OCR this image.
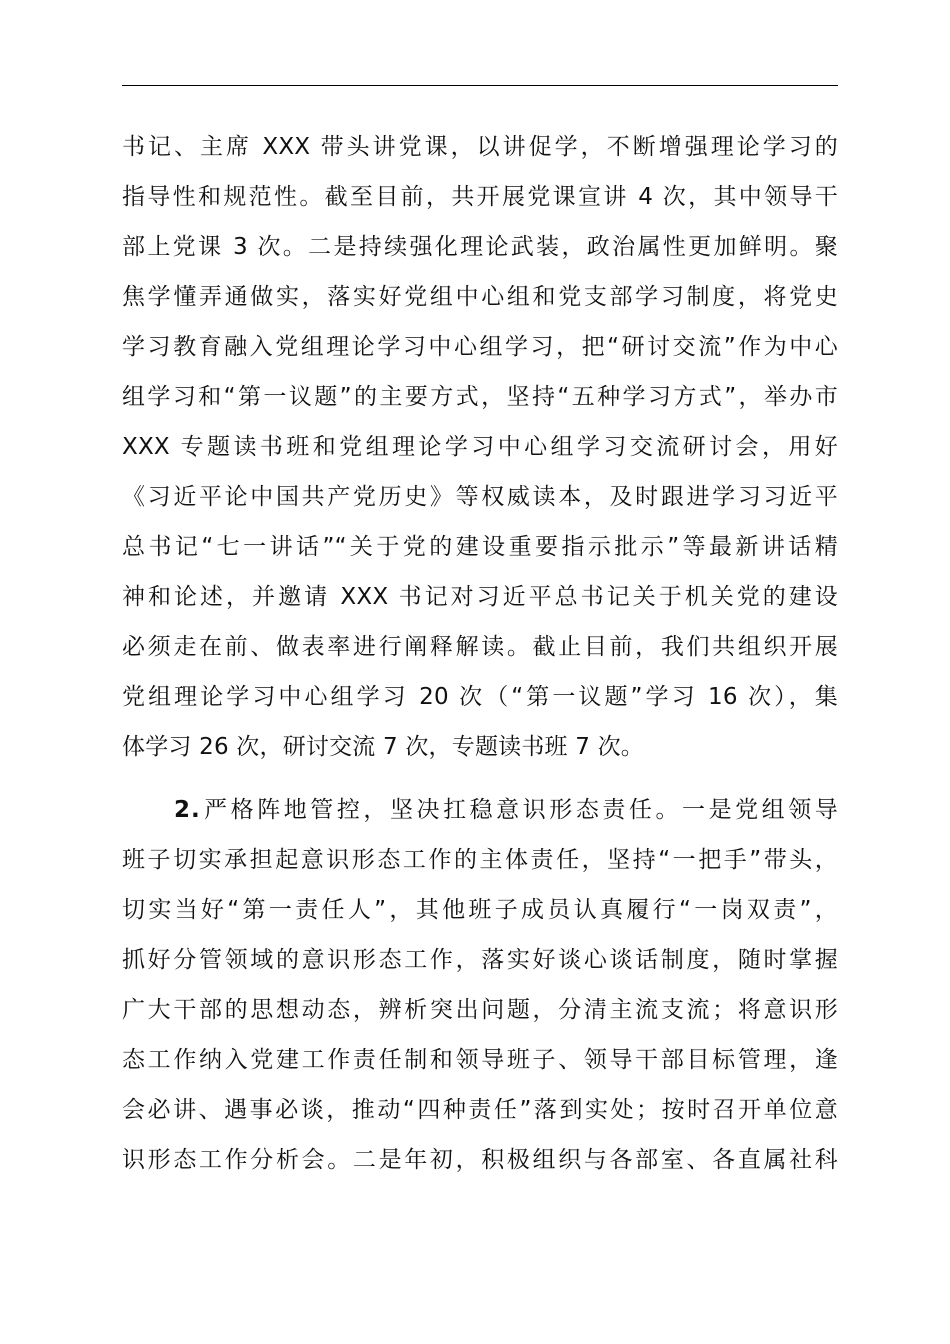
书记、主席 XXX 带头讲党课，以讲促学，不断增强理论学习的
指导性和规范性。截至目前，共开展党课宣讲 4 次，其中领导干
部上党课 3 次。二是持续强化理论武装，政治属性更加鲜明。聚
焦学懂弄通做实，落实好党组中心组和党支部学习制度，将党史
学习教育融入党组理论学习中心组学习，把“研讨交流”作为中心
组学习和“第一议题”的主要方式，坚持“五种学习方式”，举办市
XXX 专题读书班和党组理论学习中心组学习交流研讨会，用好
《习近平论中国共产党历史》等权威读本，及时跟进学习习近平
总书记“七一讲话”“关于党的建设重要指示批示”等最新讲话精
神和论述，并邀请 XXX 书记对习近平总书记关于机关党的建设
必须走在前、做表率进行阐释解读。截止目前，我们共组织开展
党组理论学习中心组学习 20 次（“第一议题”学习 16 次），集
体学习 26 次，研讨交流 7 次，专题读书班 7 次。
2.严格阵地管控，坚决扛稳意识形态责任。一是党组领导
班子切实承担起意识形态工作的主体责任，坚持“一把手”带头，
切实当好“第一责任人”，其他班子成员认真履行“一岗双责”，
抓好分管领域的意识形态工作，落实好谈心谈话制度，随时掌握
广大干部的思想动态，辨析突出问题，分清主流支流；将意识形
态工作纳入党建工作责任制和领导班子、领导干部目标管理，逢
会必讲、遇事必谈，推动“四种责任”落到实处；按时召开单位意
识形态工作分析会。二是年初，积极组织与各部室、各直属社科
